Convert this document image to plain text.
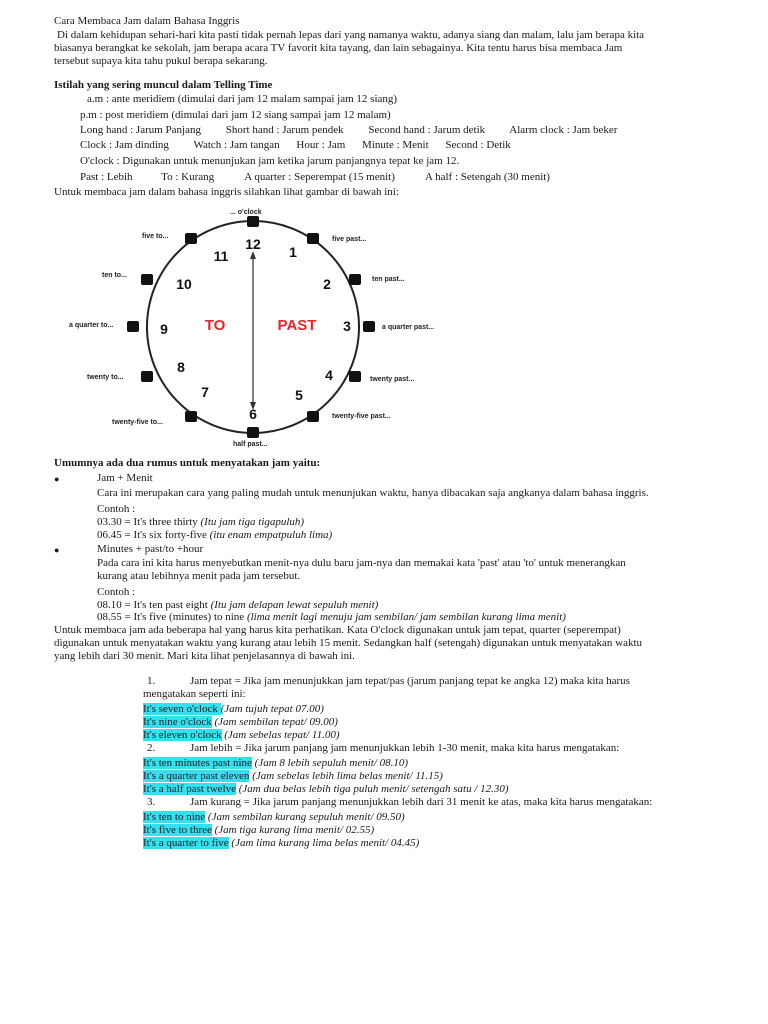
Cara Membaca Jam dalam Bahasa Inggris
Di dalam kehidupan sehari-hari kita pasti tidak pernah lepas dari yang namanya waktu, adanya siang dan malam, lalu jam berapa kita
biasanya berangkat ke sekolah, jam berapa acara TV favorit kita tayang, dan lain sebagainya. Kita tentu harus bisa membaca Jam
tersebut supaya kita tahu pukul berapa sekarang.
Istilah yang sering muncul dalam Telling Time
a.m : ante meridiem (dimulai dari jam 12 malam sampai jam 12 siang)
p.m : post meridiem (dimulai dari jam 12 siang sampai jam 12 malam)
Long hand : Jarum Panjang Short hand : Jarum pendek Second hand : Jarum detik Alarm clock : Jam beker
Clock : Jam dinding Watch : Jam tangan Hour : Jam Minute : Menit Second : Detik
O'clock : Digunakan untuk menunjukan jam ketika jarum panjangnya tepat ke jam 12.
Past : Lebih	To : Kurang	A quarter : Seperempat (15 menit)	A half : Setengah (30 menit)
Untuk membaca jam dalam bahasa inggris silahkan lihat gambar di bawah ini:
12 1
2
3
4
5
6
7
8
9
10
11
TO	PAST
... o'clock
five past...
ten past...
a quarter past...
twenty past...
twenty-five past...
half past...
twenty-five to...
twenty to...
a quarter to...
ten to...
five to...
Umumnya ada dua rumus untuk menyatakan jam yaitu:
●	Jam + Menit
Cara ini merupakan cara yang paling mudah untuk menunjukan waktu, hanya dibacakan saja angkanya dalam bahasa inggris.
Contoh :
03.30 = It's three thirty (Itu jam tiga tigapuluh)
06.45 = It's six forty-five (itu enam empatpuluh lima)
●	Minutes + past/to +hour
Pada cara ini kita harus menyebutkan menit-nya dulu baru jam-nya dan memakai kata 'past' atau 'to' untuk menerangkan
kurang atau lebihnya menit pada jam tersebut.
Contoh :
08.10 = It's ten past eight (Itu jam delapan lewat sepuluh menit)
08.55 = It's five (minutes) to nine (lima menit lagi menuju jam sembilan/ jam sembilan kurang lima menit)
Untuk membaca jam ada beberapa hal yang harus kita perhatikan. Kata O'clock digunakan untuk jam tepat, quarter (seperempat)
digunakan untuk menyatakan waktu yang kurang atau lebih 15 menit. Sedangkan half (setengah) digunakan untuk menyatakan waktu
yang lebih dari 30 menit. Mari kita lihat penjelasannya di bawah ini.
1.	Jam tepat = Jika jam menunjukkan jam tepat/pas (jarum panjang tepat ke angka 12) maka kita harus
mengatakan seperti ini:
It's seven o'clock (Jam tujuh tepat 07.00)
It's nine o'clock (Jam sembilan tepat/ 09.00)
It's eleven o'clock (Jam sebelas tepat/ 11.00)
2.	Jam lebih = Jika jarum panjang jam menunjukkan lebih 1-30 menit, maka kita harus mengatakan:
It's ten minutes past nine (Jam 8 lebih sepuluh menit/ 08.10)
It's a quarter past eleven (Jam sebelas lebih lima belas menit/ 11.15)
It's a half past twelve (Jam dua belas lebih tiga puluh menit/ setengah satu / 12.30)
3.	Jam kurang = Jika jarum panjang menunjukkan lebih dari 31 menit ke atas, maka kita harus mengatakan:
It's ten to nine (Jam sembilan kurang sepuluh menit/ 09.50)
It's five to three (Jam tiga kurang lima menit/ 02.55)
It's a quarter to five (Jam lima kurang lima belas menit/ 04.45)
